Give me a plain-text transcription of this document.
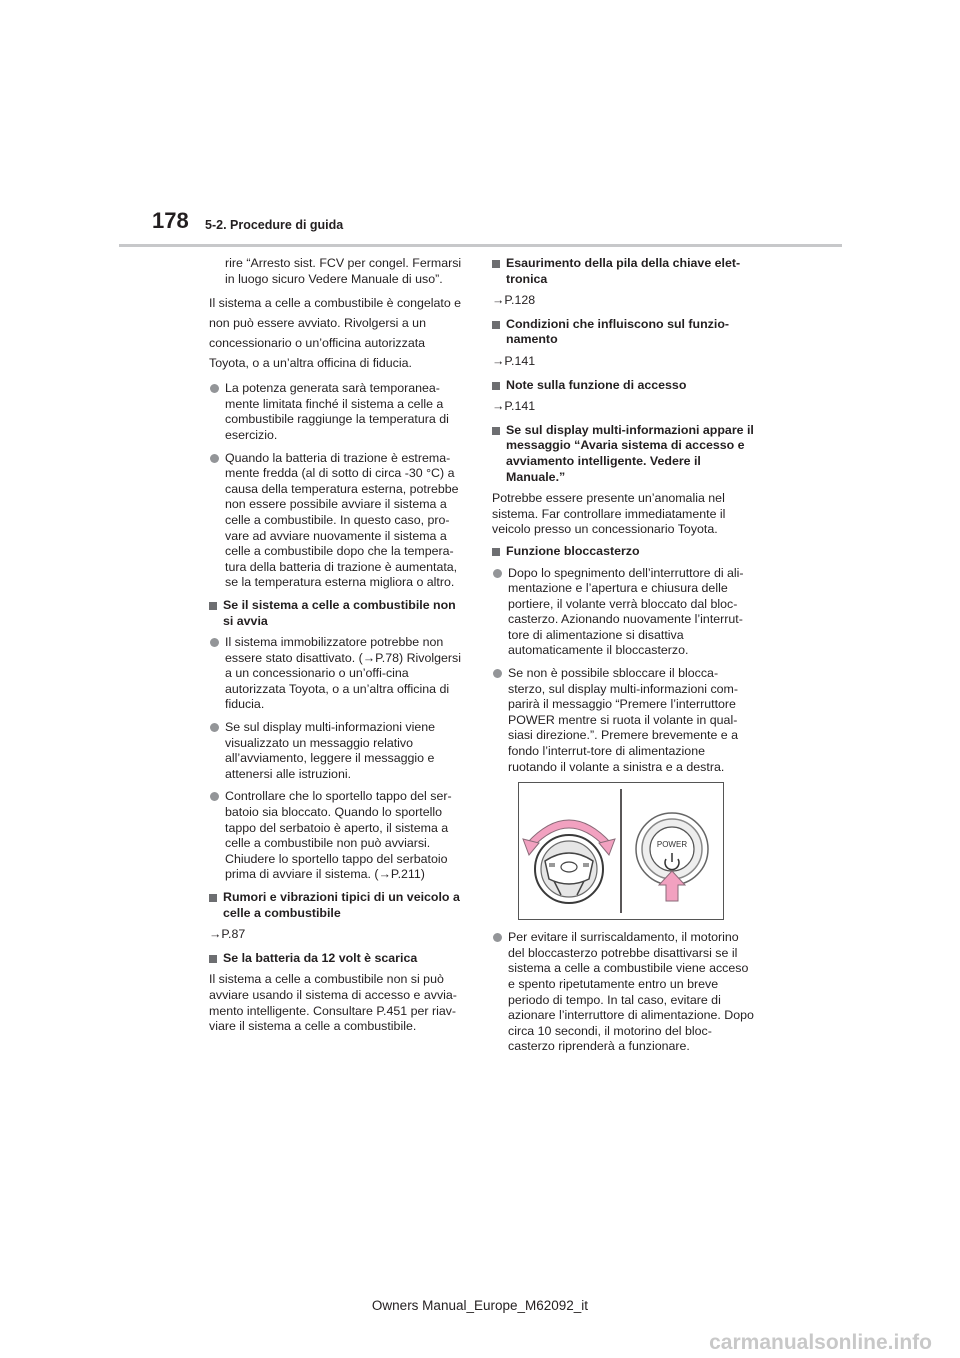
178 5-2. Procedure di guida

rire “Arresto sist. FCV per congel. Fermarsi in luogo sicuro Vedere Manuale di uso”.

Il sistema a celle a combustibile è congelato e non può essere avviato. Rivolgersi a un concessionario o un’officina autorizzata Toyota, o a un’altra officina di fiducia.

La potenza generata sarà temporanea-mente limitata finché il sistema a celle a combustibile raggiunge la temperatura di esercizio.

Quando la batteria di trazione è estrema-mente fredda (al di sotto di circa -30 °C) a causa della temperatura esterna, potrebbe non essere possibile avviare il sistema a celle a combustibile. In questo caso, pro-vare ad avviare nuovamente il sistema a celle a combustibile dopo che la tempera-tura della batteria di trazione è aumentata, se la temperatura esterna migliora o altro.

Se il sistema a celle a combustibile non si avvia

Il sistema immobilizzatore potrebbe non essere stato disattivato. (→P.78) Rivolgersi a un concessionario o un’offi-cina autorizzata Toyota, o a un’altra officina di fiducia.

Se sul display multi-informazioni viene visualizzato un messaggio relativo all’avviamento, leggere il messaggio e attenersi alle istruzioni.

Controllare che lo sportello tappo del ser-batoio sia bloccato. Quando lo sportello tappo del serbatoio è aperto, il sistema a celle a combustibile non può avviarsi. Chiudere lo sportello tappo del serbatoio prima di avviare il sistema. (→P.211)

Rumori e vibrazioni tipici di un veicolo a celle a combustibile

→P.87

Se la batteria da 12 volt è scarica

Il sistema a celle a combustibile non si può avviare usando il sistema di accesso e avvia-mento intelligente. Consultare P.451 per riav-viare il sistema a celle a combustibile.

Esaurimento della pila della chiave elet-tronica

→P.128

Condizioni che influiscono sul funzio-namento

→P.141

Note sulla funzione di accesso

→P.141

Se sul display multi-informazioni appare il messaggio “Avaria sistema di accesso e avviamento intelligente. Vedere il Manuale.”

Potrebbe essere presente un’anomalia nel sistema. Far controllare immediatamente il veicolo presso un concessionario Toyota.

Funzione bloccasterzo

Dopo lo spegnimento dell’interruttore di ali-mentazione e l’apertura e chiusura delle portiere, il volante verrà bloccato dal bloc-casterzo. Azionando nuovamente l’interrut-tore di alimentazione si disattiva automaticamente il bloccasterzo.

Se non è possibile sbloccare il blocca-sterzo, sul display multi-informazioni com-parirà il messaggio “Premere l’interruttore POWER mentre si ruota il volante in qual-siasi direzione.”. Premere brevemente e a fondo l’interrut-tore di alimentazione ruotando il volante a sinistra e a destra.

POWER

Per evitare il surriscaldamento, il motorino del bloccasterzo potrebbe disattivarsi se il sistema a celle a combustibile viene acceso e spento ripetutamente entro un breve periodo di tempo. In tal caso, evitare di azionare l’interruttore di alimentazione. Dopo circa 10 secondi, il motorino del bloc-casterzo riprenderà a funzionare.

Owners Manual_Europe_M62092_it
carmanualsonline.info
